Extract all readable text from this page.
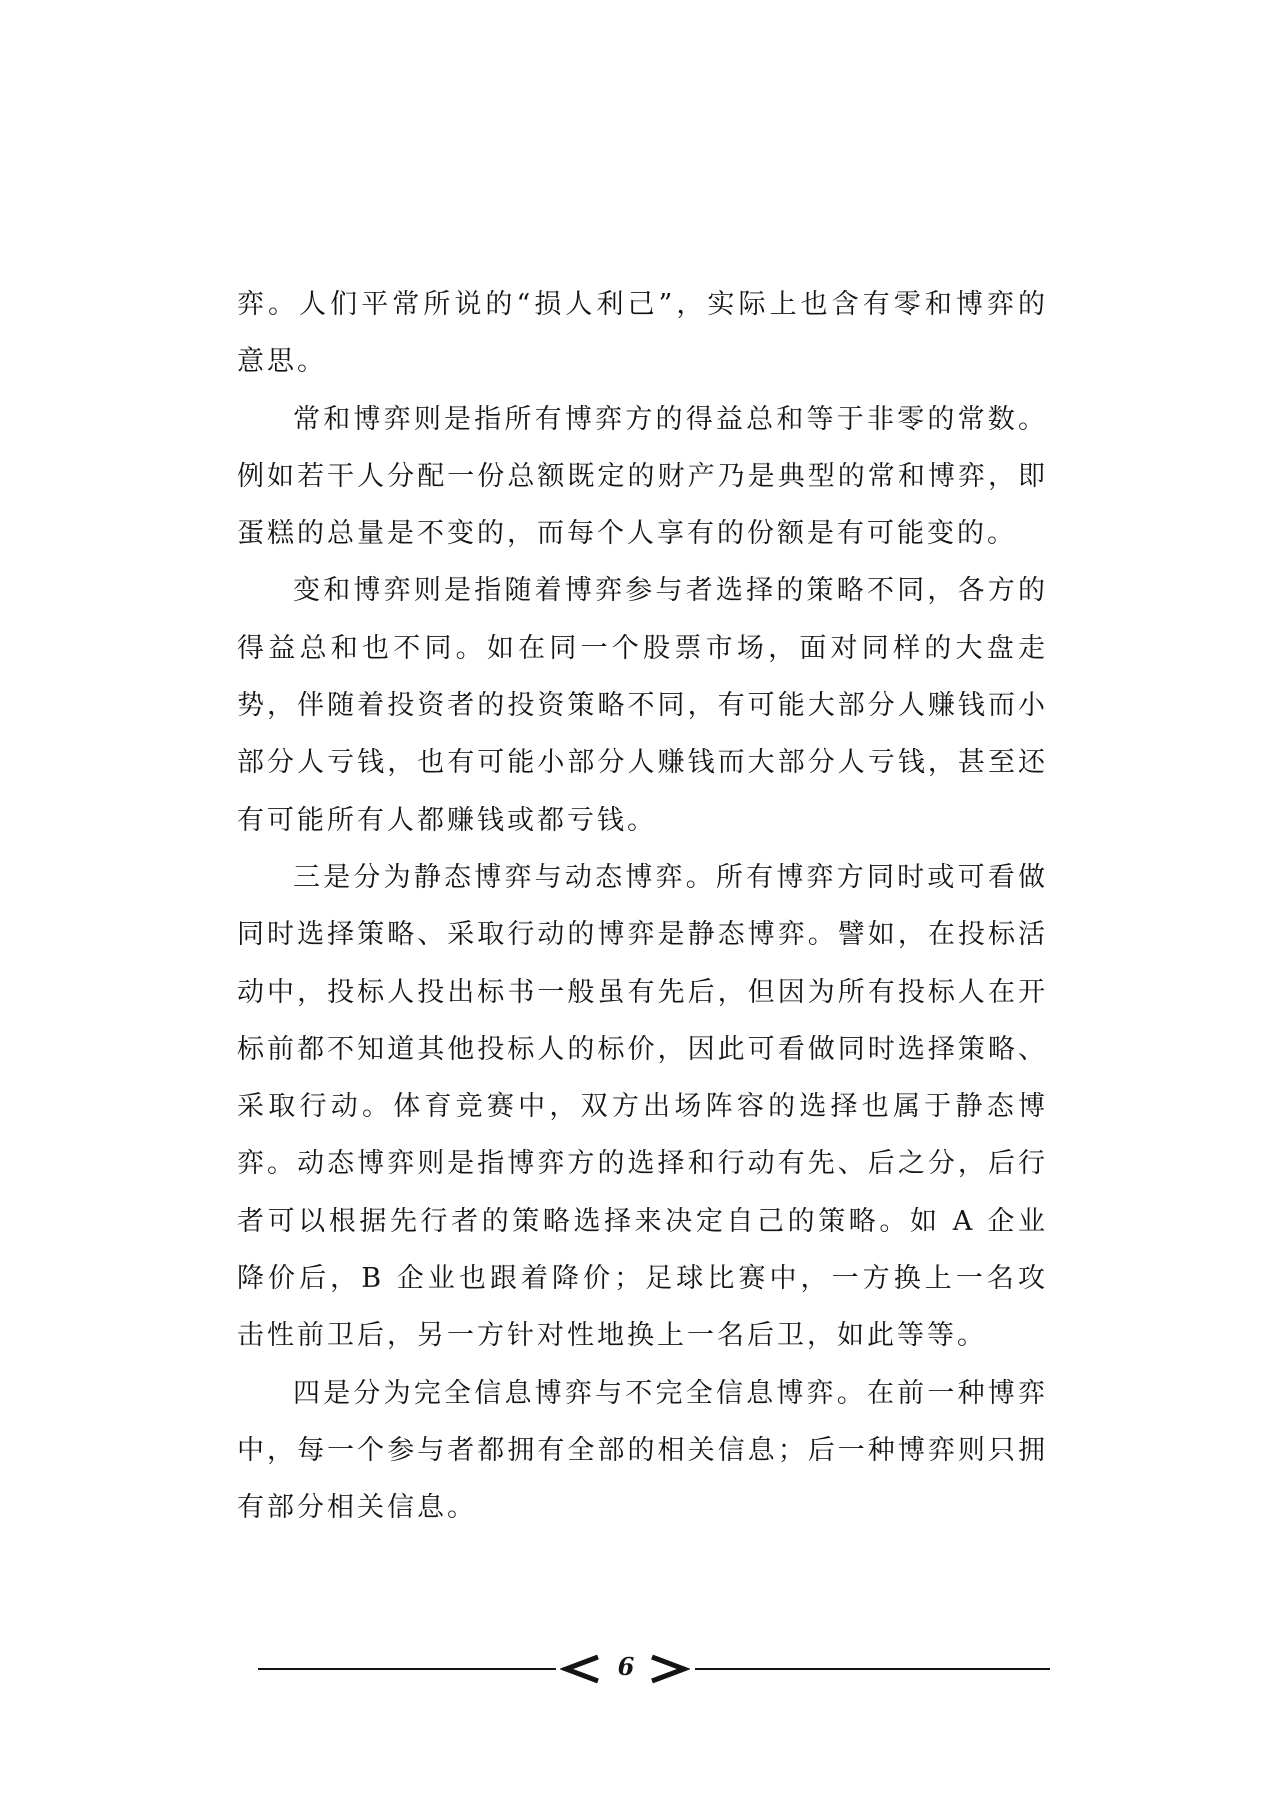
弈。人们平常所说的“损人利己”，实际上也含有零和博弈的意思。

常和博弈则是指所有博弈方的得益总和等于非零的常数。例如若干人分配一份总额既定的财产乃是典型的常和博弈，即蛋糕的总量是不变的，而每个人享有的份额是有可能变的。

变和博弈则是指随着博弈参与者选择的策略不同，各方的得益总和也不同。如在同一个股票市场，面对同样的大盘走势，伴随着投资者的投资策略不同，有可能大部分人赚钱而小部分人亏钱，也有可能小部分人赚钱而大部分人亏钱，甚至还有可能所有人都赚钱或都亏钱。

三是分为静态博弈与动态博弈。所有博弈方同时或可看做同时选择策略、采取行动的博弈是静态博弈。譬如，在投标活动中，投标人投出标书一般虽有先后，但因为所有投标人在开标前都不知道其他投标人的标价，因此可看做同时选择策略、采取行动。体育竞赛中，双方出场阵容的选择也属于静态博弈。动态博弈则是指博弈方的选择和行动有先、后之分，后行者可以根据先行者的策略选择来决定自己的策略。如 A 企业降价后，B 企业也跟着降价；足球比赛中，一方换上一名攻击性前卫后，另一方针对性地换上一名后卫，如此等等。

四是分为完全信息博弈与不完全信息博弈。在前一种博弈中，每一个参与者都拥有全部的相关信息；后一种博弈则只拥有部分相关信息。

6
